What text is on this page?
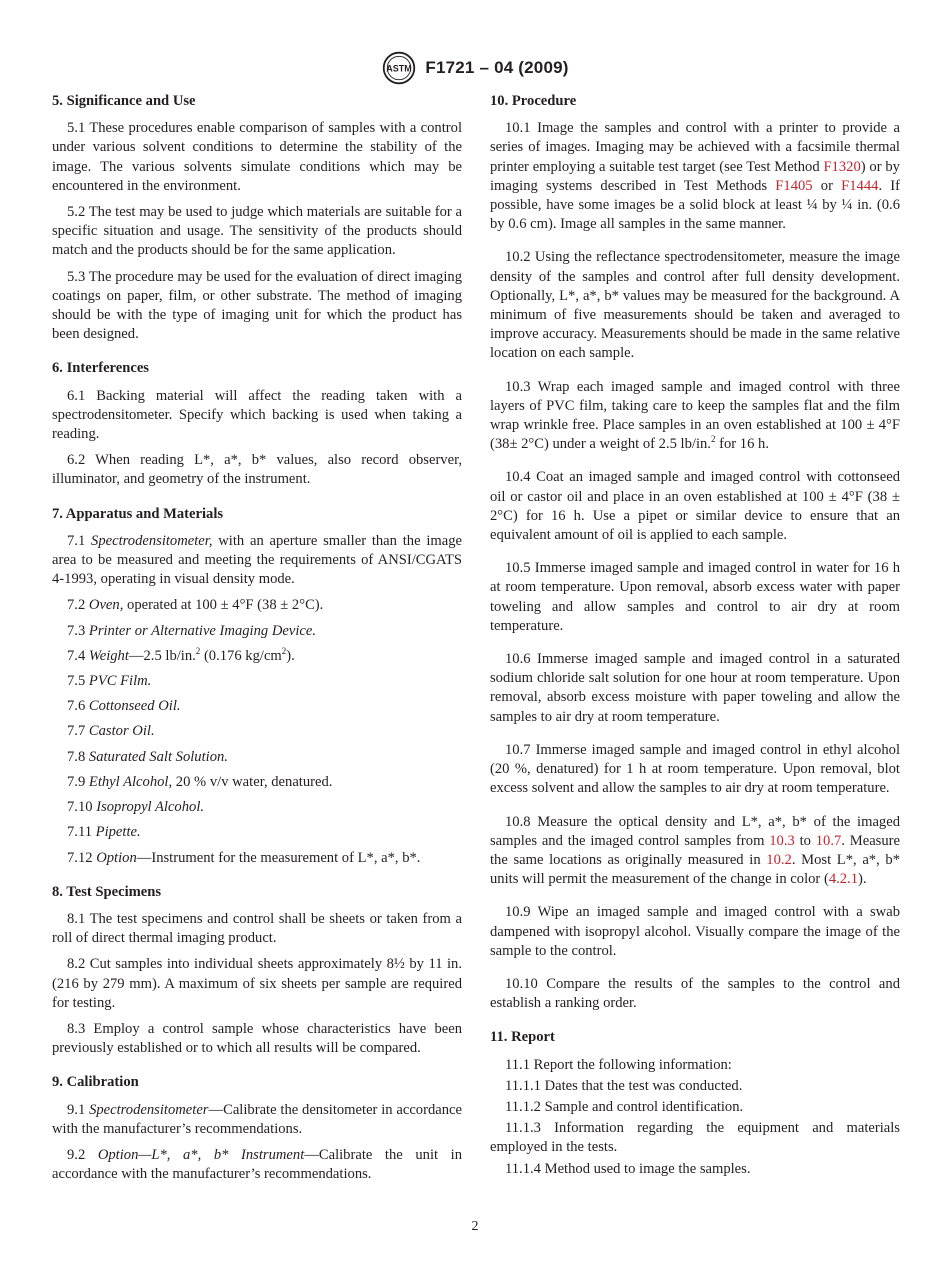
ASTM F1721 – 04 (2009)
5. Significance and Use
5.1 These procedures enable comparison of samples with a control under various solvent conditions to determine the stability of the image. The various solvents simulate conditions which may be encountered in the environment.
5.2 The test may be used to judge which materials are suitable for a specific situation and usage. The sensitivity of the products should match and the products should be for the same application.
5.3 The procedure may be used for the evaluation of direct imaging coatings on paper, film, or other substrate. The method of imaging should be with the type of imaging unit for which the product has been designed.
6. Interferences
6.1 Backing material will affect the reading taken with a spectrodensitometer. Specify which backing is used when taking a reading.
6.2 When reading L*, a*, b* values, also record observer, illuminator, and geometry of the instrument.
7. Apparatus and Materials
7.1 Spectrodensitometer, with an aperture smaller than the image area to be measured and meeting the requirements of ANSI/CGATS 4-1993, operating in visual density mode.
7.2 Oven, operated at 100 ± 4°F (38 ± 2°C).
7.3 Printer or Alternative Imaging Device.
7.4 Weight—2.5 lb/in.$^2$ (0.176 $kg/cm^2$).
7.5 PVC Film.
7.6 Cottonseed Oil.
7.7 Castor Oil.
7.8 Saturated Salt Solution.
7.9 Ethyl Alcohol, 20 % v/v water, denatured.
7.10 Isopropyl Alcohol.
7.11 Pipette.
7.12 Option—Instrument for the measurement of L*, a*, b*.
8. Test Specimens
8.1 The test specimens and control shall be sheets or taken from a roll of direct thermal imaging product.
8.2 Cut samples into individual sheets approximately 8½ by 11 in. (216 by 279 mm). A maximum of six sheets per sample are required for testing.
8.3 Employ a control sample whose characteristics have been previously established or to which all results will be compared.
9. Calibration
9.1 Spectrodensitometer—Calibrate the densitometer in accordance with the manufacturer’s recommendations.
9.2 Option—L*, a*, b* Instrument—Calibrate the unit in accordance with the manufacturer’s recommendations.
10. Procedure
10.1 Image the samples and control with a printer to provide a series of images. Imaging may be achieved with a facsimile thermal printer employing a suitable test target (see Test Method F1320) or by imaging systems described in Test Methods F1405 or F1444. If possible, have some images be a solid block at least ¼ by ¼ in. (0.6 by 0.6 cm). Image all samples in the same manner.
10.2 Using the reflectance spectrodensitometer, measure the image density of the samples and control after full density development. Optionally, L*, a*, b* values may be measured for the background. A minimum of five measurements should be taken and averaged to improve accuracy. Measurements should be made in the same relative location on each sample.
10.3 Wrap each imaged sample and imaged control with three layers of PVC film, taking care to keep the samples flat and the film wrap wrinkle free. Place samples in an oven established at 100 ± 4°F (38± 2°C) under a weight of 2.5 lb/in.$^2$ for 16 h.
10.4 Coat an imaged sample and imaged control with cottonseed oil or castor oil and place in an oven established at 100 ± 4°F (38 ± 2°C) for 16 h. Use a pipet or similar device to ensure that an equivalent amount of oil is applied to each sample.
10.5 Immerse imaged sample and imaged control in water for 16 h at room temperature. Upon removal, absorb excess water with paper toweling and allow samples and control to air dry at room temperature.
10.6 Immerse imaged sample and imaged control in a saturated sodium chloride salt solution for one hour at room temperature. Upon removal, absorb excess moisture with paper toweling and allow the samples to air dry at room temperature.
10.7 Immerse imaged sample and imaged control in ethyl alcohol (20 %, denatured) for 1 h at room temperature. Upon removal, blot excess solvent and allow the samples to air dry at room temperature.
10.8 Measure the optical density and L*, a*, b* of the imaged samples and the imaged control samples from 10.3 to 10.7. Measure the same locations as originally measured in 10.2. Most L*, a*, b* units will permit the measurement of the change in color (4.2.1).
10.9 Wipe an imaged sample and imaged control with a swab dampened with isopropyl alcohol. Visually compare the image of the sample to the control.
10.10 Compare the results of the samples to the control and establish a ranking order.
11. Report
11.1 Report the following information:
11.1.1 Dates that the test was conducted.
11.1.2 Sample and control identification.
11.1.3 Information regarding the equipment and materials employed in the tests.
11.1.4 Method used to image the samples.
2
